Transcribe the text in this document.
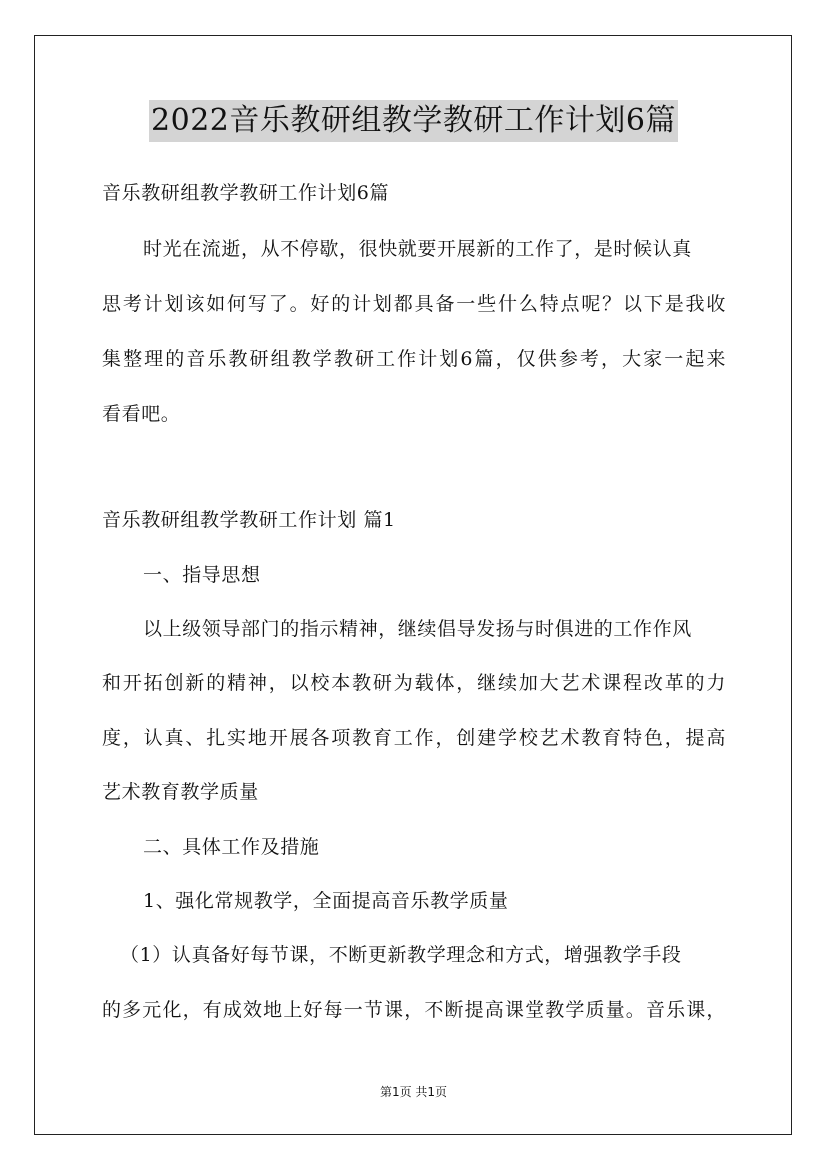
2022音乐教研组教学教研工作计划6篇
音乐教研组教学教研工作计划6篇
时光在流逝，从不停歇，很快就要开展新的工作了，是时候认真
思考计划该如何写了。好的计划都具备一些什么特点呢？以下是我收
集整理的音乐教研组教学教研工作计划6篇，仅供参考，大家一起来
看看吧。
音乐教研组教学教研工作计划 篇1
一、指导思想
以上级领导部门的指示精神，继续倡导发扬与时俱进的工作作风
和开拓创新的精神，以校本教研为载体，继续加大艺术课程改革的力
度，认真、扎实地开展各项教育工作，创建学校艺术教育特色，提高
艺术教育教学质量
二、具体工作及措施
1、强化常规教学，全面提高音乐教学质量
（1）认真备好每节课，不断更新教学理念和方式，增强教学手段
的多元化，有成效地上好每一节课，不断提高课堂教学质量。音乐课，
第1页 共1页
